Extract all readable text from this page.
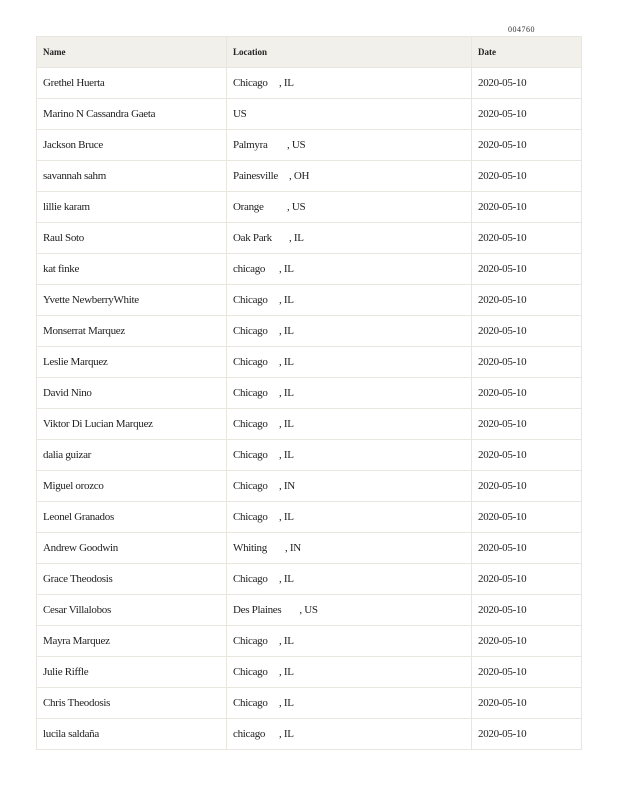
004760
Name	Location	Date
Grethel Huerta	Chicago , IL	2020-05-10
Marino N Cassandra Gaeta	US	2020-05-10
Jackson Bruce	Palmyra , US	2020-05-10
savannah sahm	Painesville , OH	2020-05-10
lillie karam	Orange , US	2020-05-10
Raul Soto	Oak Park , IL	2020-05-10
kat finke	chicago , IL	2020-05-10
Yvette NewberryWhite	Chicago , IL	2020-05-10
Monserrat Marquez	Chicago , IL	2020-05-10
Leslie Marquez	Chicago , IL	2020-05-10
David Nino	Chicago , IL	2020-05-10
Viktor Di Lucian Marquez	Chicago , IL	2020-05-10
dalia guizar	Chicago , IL	2020-05-10
Miguel orozco	Chicago , IN	2020-05-10
Leonel Granados	Chicago , IL	2020-05-10
Andrew Goodwin	Whiting , IN	2020-05-10
Grace Theodosis	Chicago , IL	2020-05-10
Cesar Villalobos	Des Plaines , US	2020-05-10
Mayra Marquez	Chicago , IL	2020-05-10
Julie Riffle	Chicago , IL	2020-05-10
Chris Theodosis	Chicago , IL	2020-05-10
lucila saldaña	chicago , IL	2020-05-10
